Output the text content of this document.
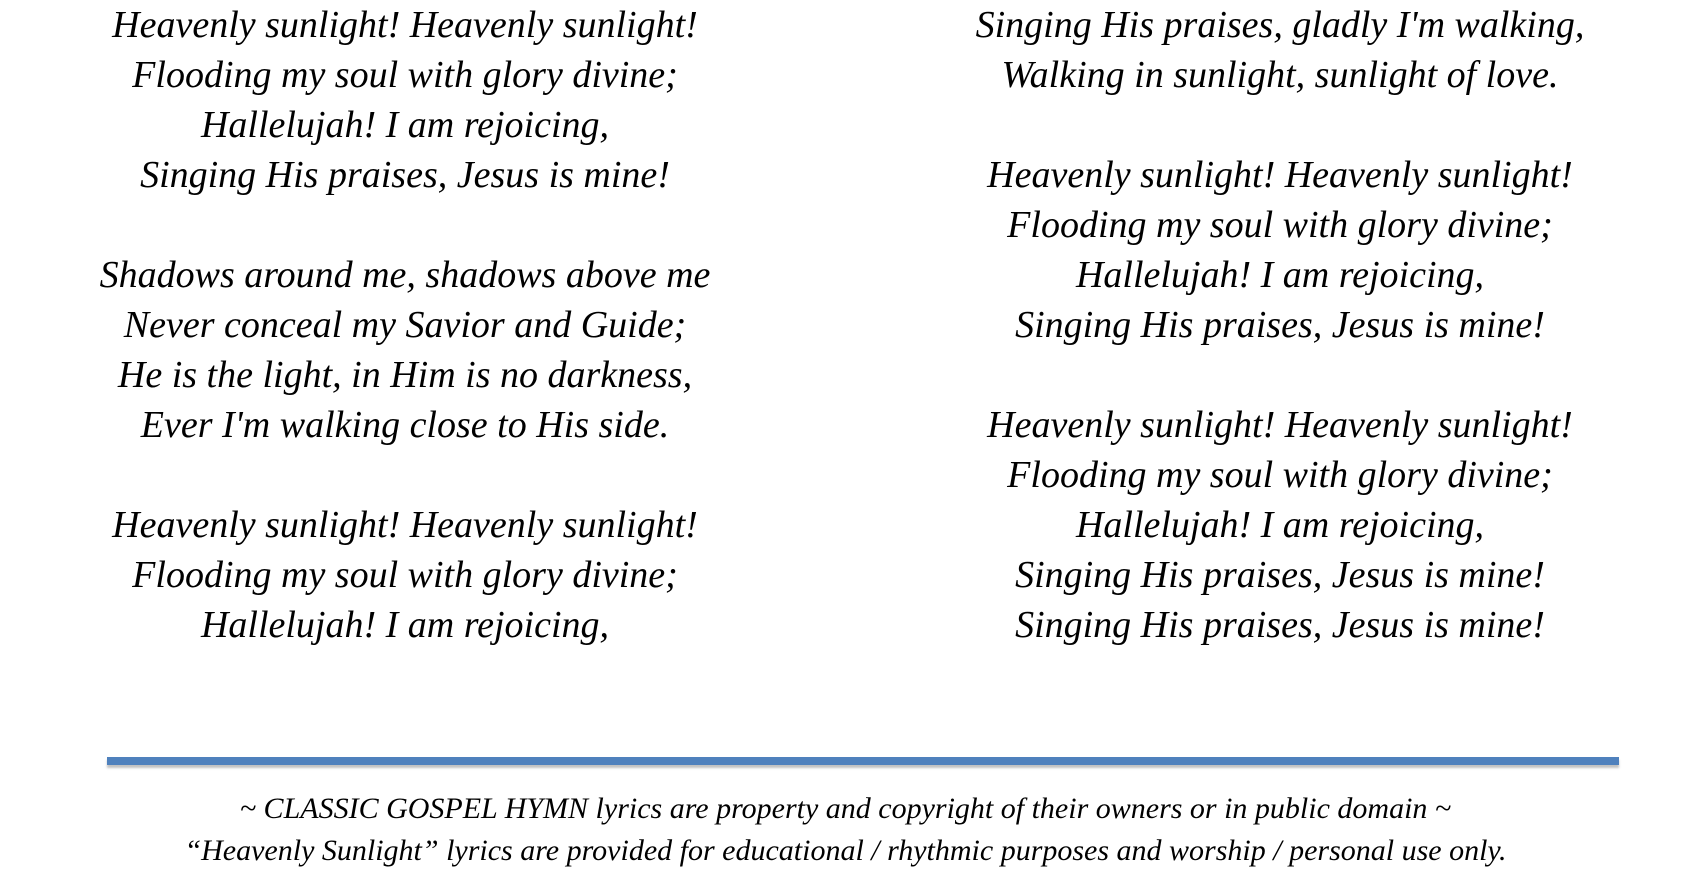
Heavenly sunlight! Heavenly sunlight!
Flooding my soul with glory divine;
Hallelujah! I am rejoicing,
Singing His praises, Jesus is mine!
Shadows around me, shadows above me
Never conceal my Savior and Guide;
He is the light, in Him is no darkness,
Ever I'm walking close to His side.
Heavenly sunlight! Heavenly sunlight!
Flooding my soul with glory divine;
Hallelujah! I am rejoicing,
Singing His praises, gladly I'm walking,
Walking in sunlight, sunlight of love.
Heavenly sunlight! Heavenly sunlight!
Flooding my soul with glory divine;
Hallelujah! I am rejoicing,
Singing His praises, Jesus is mine!
Heavenly sunlight! Heavenly sunlight!
Flooding my soul with glory divine;
Hallelujah! I am rejoicing,
Singing His praises, Jesus is mine!
Singing His praises, Jesus is mine!
~ CLASSIC GOSPEL HYMN lyrics are property and copyright of their owners or in public domain ~
“Heavenly Sunlight” lyrics are provided for educational / rhythmic purposes and worship / personal use only.
